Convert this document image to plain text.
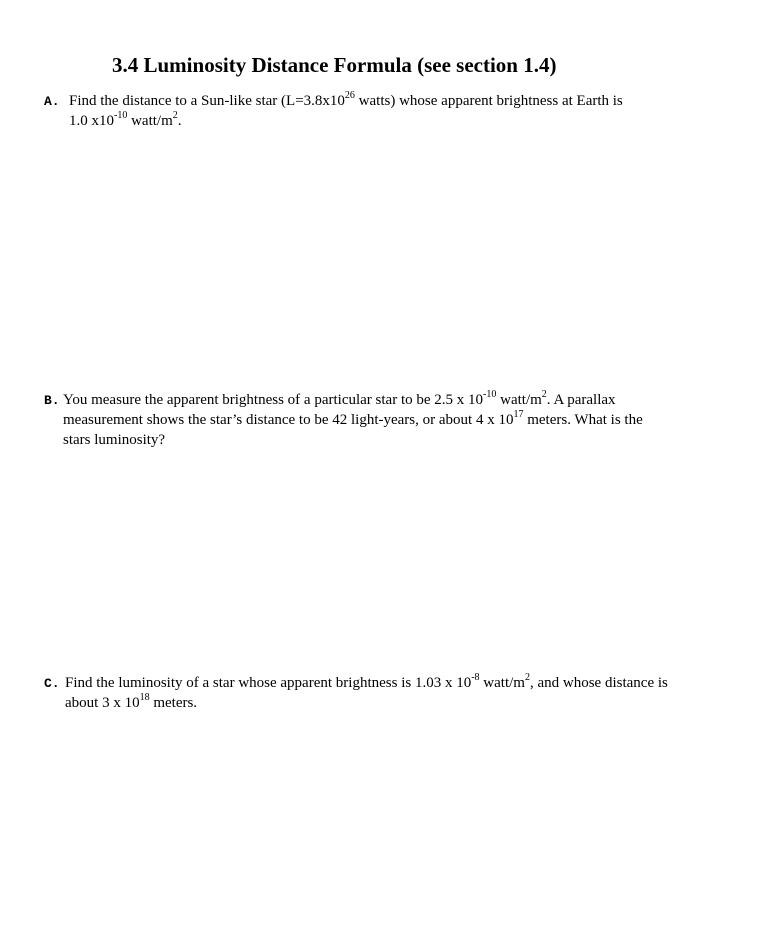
3.4 Luminosity Distance Formula (see section 1.4)
A. Find the distance to a Sun-like star ($L=3.8x10^{26}$ watts) whose apparent brightness at Earth is
1.0 $x10^{-10}$ watt/$m^2$.
B. You measure the apparent brightness of a particular star to be 2.5 x $10^{-10}$ watt/$m^2$. A parallax
measurement shows the star’s distance to be 42 light-years, or about 4 x $10^{17}$ meters. What is the
stars luminosity?
C. Find the luminosity of a star whose apparent brightness is 1.03 x $10^{-8}$ watt/$m^2$, and whose distance is
about 3 x $10^{18}$ meters.
